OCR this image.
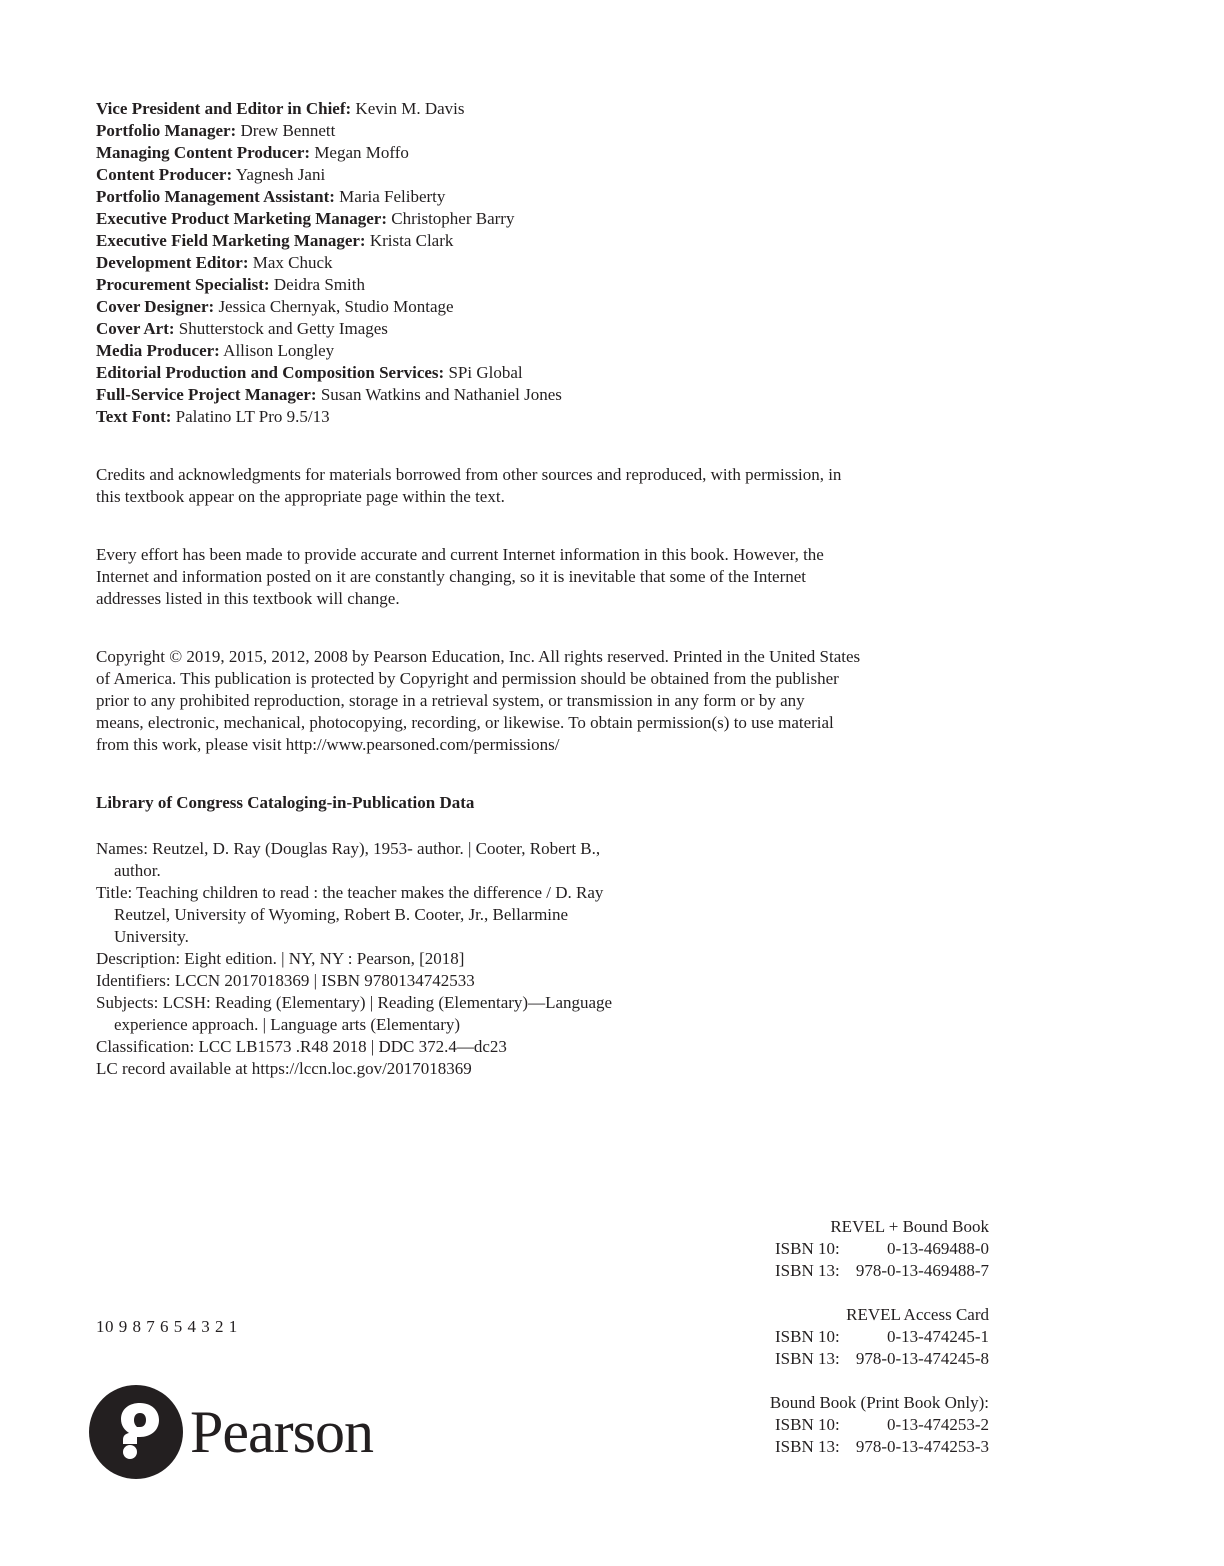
Vice President and Editor in Chief: Kevin M. Davis
Portfolio Manager: Drew Bennett
Managing Content Producer: Megan Moffo
Content Producer: Yagnesh Jani
Portfolio Management Assistant: Maria Feliberty
Executive Product Marketing Manager: Christopher Barry
Executive Field Marketing Manager: Krista Clark
Development Editor: Max Chuck
Procurement Specialist: Deidra Smith
Cover Designer: Jessica Chernyak, Studio Montage
Cover Art: Shutterstock and Getty Images
Media Producer: Allison Longley
Editorial Production and Composition Services: SPi Global
Full-Service Project Manager: Susan Watkins and Nathaniel Jones
Text Font: Palatino LT Pro 9.5/13
Credits and acknowledgments for materials borrowed from other sources and reproduced, with permission, in
this textbook appear on the appropriate page within the text.
Every effort has been made to provide accurate and current Internet information in this book. However, the
Internet and information posted on it are constantly changing, so it is inevitable that some of the Internet
addresses listed in this textbook will change.
Copyright © 2019, 2015, 2012, 2008 by Pearson Education, Inc. All rights reserved. Printed in the United States
of America. This publication is protected by Copyright and permission should be obtained from the publisher
prior to any prohibited reproduction, storage in a retrieval system, or transmission in any form or by any
means, electronic, mechanical, photocopying, recording, or likewise. To obtain permission(s) to use material
from this work, please visit http://www.pearsoned.com/permissions/
Library of Congress Cataloging-in-Publication Data
Names: Reutzel, D. Ray (Douglas Ray), 1953- author. | Cooter, Robert B.,
author.
Title: Teaching children to read : the teacher makes the difference / D. Ray
Reutzel, University of Wyoming, Robert B. Cooter, Jr., Bellarmine
University.
Description: Eight edition. | NY, NY : Pearson, [2018]
Identifiers: LCCN 2017018369 | ISBN 9780134742533
Subjects: LCSH: Reading (Elementary) | Reading (Elementary)—Language
experience approach. | Language arts (Elementary)
Classification: LCC LB1573 .R48 2018 | DDC 372.4—dc23
LC record available at https://lccn.loc.gov/2017018369
10 9 8 7 6 5 4 3 2 1
REVEL + Bound Book
ISBN 10:	0-13-469488-0
ISBN 13: 978-0-13-469488-7
REVEL Access Card
ISBN 10:	0-13-474245-1
ISBN 13: 978-0-13-474245-8
Bound Book (Print Book Only):
ISBN 10:	0-13-474253-2
ISBN 13: 978-0-13-474253-3
Pearson
